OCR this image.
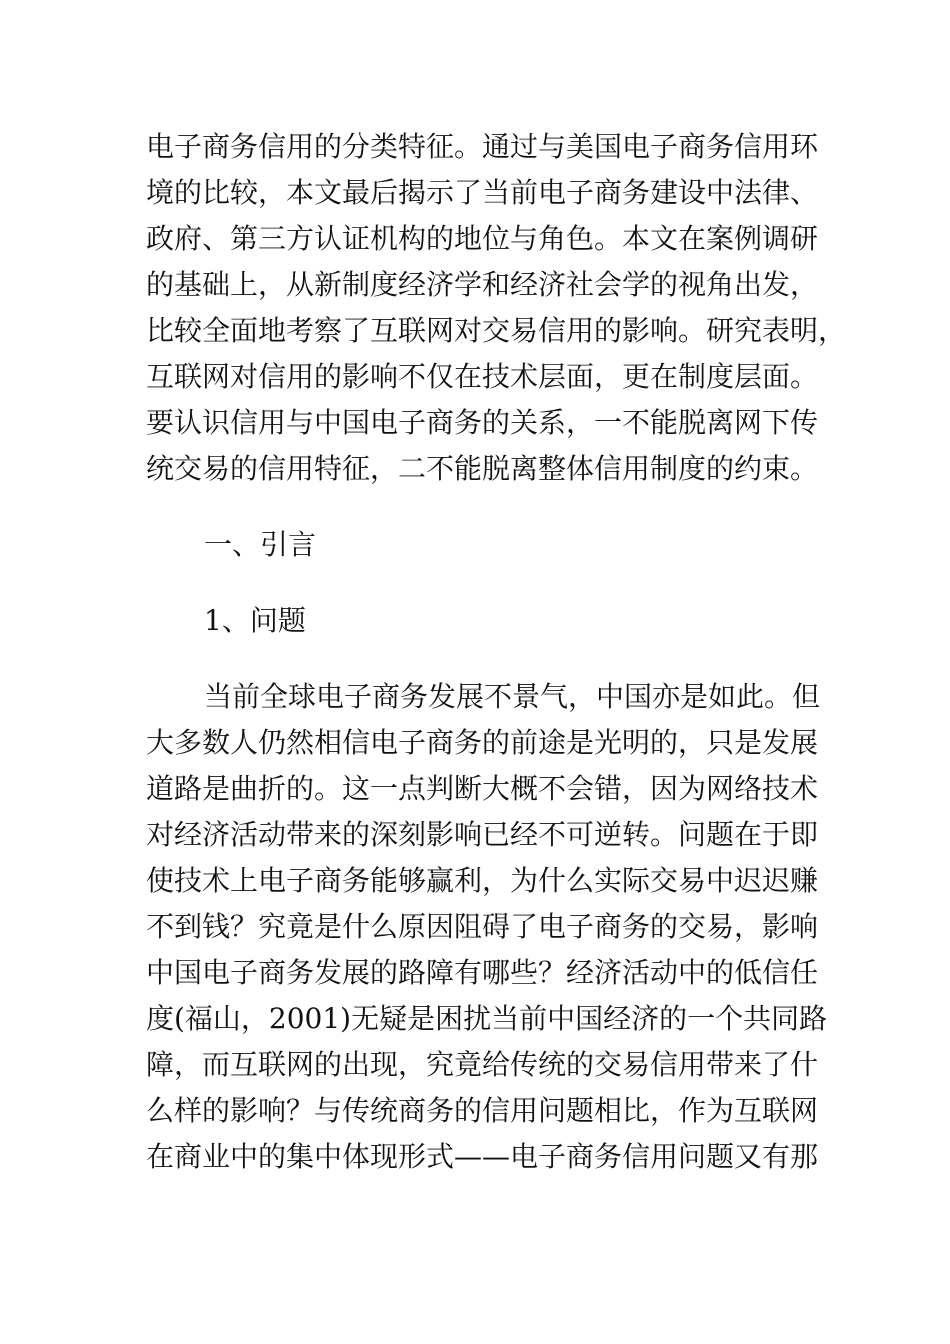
电子商务信用的分类特征。通过与美国电子商务信用环
境的比较，本文最后揭示了当前电子商务建设中法律、
政府、第三方认证机构的地位与角色。本文在案例调研
的基础上，从新制度经济学和经济社会学的视角出发，
比较全面地考察了互联网对交易信用的影响。研究表明，
互联网对信用的影响不仅在技术层面，更在制度层面。
要认识信用与中国电子商务的关系，一不能脱离网下传
统交易的信用特征，二不能脱离整体信用制度的约束。
一、引言
1、问题
当前全球电子商务发展不景气，中国亦是如此。但
大多数人仍然相信电子商务的前途是光明的，只是发展
道路是曲折的。这一点判断大概不会错，因为网络技术
对经济活动带来的深刻影响已经不可逆转。问题在于即
使技术上电子商务能够赢利，为什么实际交易中迟迟赚
不到钱？究竟是什么原因阻碍了电子商务的交易，影响
中国电子商务发展的路障有哪些？经济活动中的低信任
度(福山，2001)无疑是困扰当前中国经济的一个共同路
障，而互联网的出现，究竟给传统的交易信用带来了什
么样的影响？与传统商务的信用问题相比，作为互联网
在商业中的集中体现形式——电子商务信用问题又有那
